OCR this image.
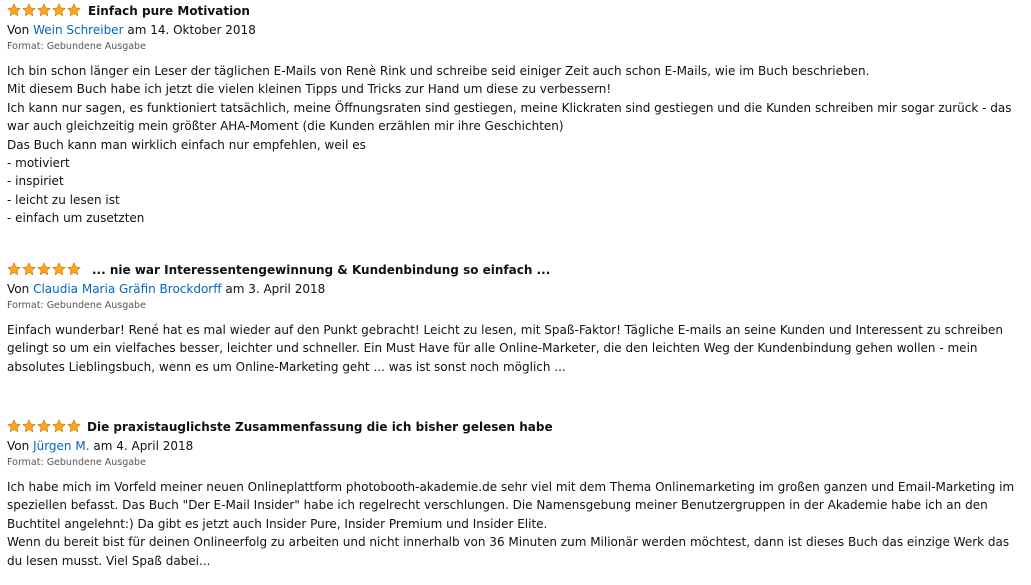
Einfach pure Motivation
Von Wein Schreiber am 14. Oktober 2018
Format: Gebundene Ausgabe

Ich bin schon länger ein Leser der täglichen E-Mails von Renè Rink und schreibe seid einiger Zeit auch schon E-Mails, wie im Buch beschrieben.

Mit diesem Buch habe ich jetzt die vielen kleinen Tipps und Tricks zur Hand um diese zu verbessern!

Ich kann nur sagen, es funktioniert tatsächlich, meine Öffnungsraten sind gestiegen, meine Klickraten sind gestiegen und die Kunden schreiben mir sogar zurück - das war auch gleichzeitig mein größter AHA-Moment (die Kunden erzählen mir ihre Geschichten)

Das Buch kann man wirklich einfach nur empfehlen, weil es

- motiviert

- inspiriet

- leicht zu lesen ist

- einfach um zusetzten

... nie war Interessentengewinnung & Kundenbindung so einfach ...
Von Claudia Maria Gräfin Brockdorff am 3. April 2018
Format: Gebundene Ausgabe

Einfach wunderbar! René hat es mal wieder auf den Punkt gebracht! Leicht zu lesen, mit Spaß-Faktor! Tägliche E-mails an seine Kunden und Interessent zu schreiben gelingt so um ein vielfaches besser, leichter und schneller. Ein Must Have für alle Online-Marketer, die den leichten Weg der Kundenbindung gehen wollen - mein absolutes Lieblingsbuch, wenn es um Online-Marketing geht ... was ist sonst noch möglich ...

Die praxistauglichste Zusammenfassung die ich bisher gelesen habe
Von Jürgen M. am 4. April 2018
Format: Gebundene Ausgabe

Ich habe mich im Vorfeld meiner neuen Onlineplattform photobooth-akademie.de sehr viel mit dem Thema Onlinemarketing im großen ganzen und Email-Marketing im speziellen befasst. Das Buch "Der E-Mail Insider" habe ich regelrecht verschlungen. Die Namensgebung meiner Benutzergruppen in der Akademie habe ich an den Buchtitel angelehnt:) Da gibt es jetzt auch Insider Pure, Insider Premium und Insider Elite.

Wenn du bereit bist für deinen Onlineerfolg zu arbeiten und nicht innerhalb von 36 Minuten zum Milionär werden möchtest, dann ist dieses Buch das einzige Werk das du lesen musst. Viel Spaß dabei...
